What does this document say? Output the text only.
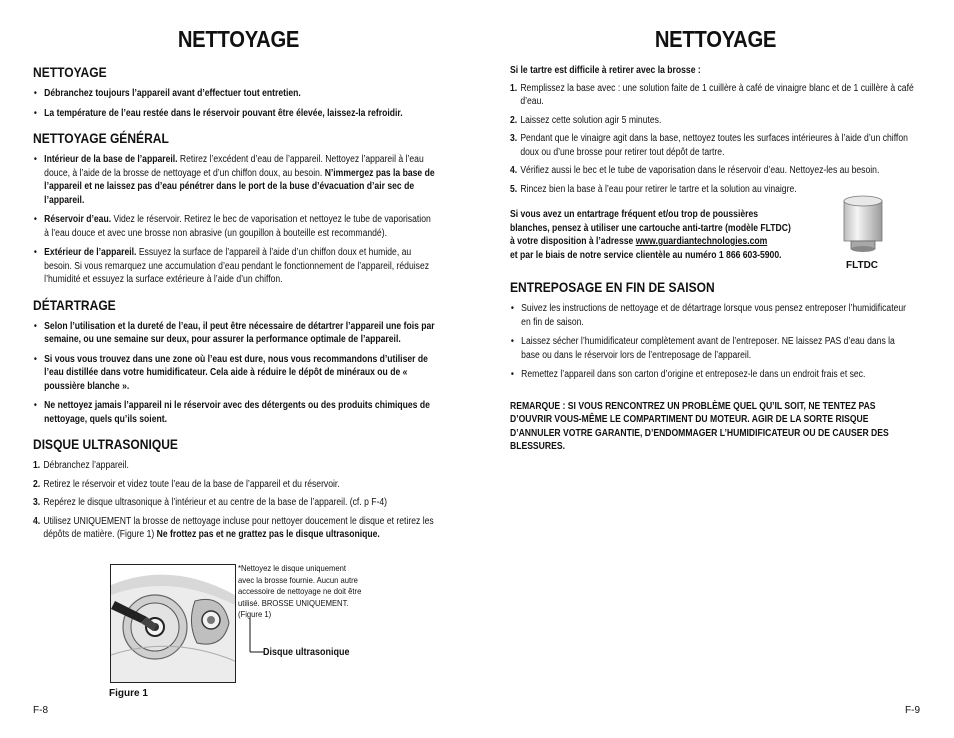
NETTOYAGE
NETTOYAGE
• Débranchez toujours l’appareil avant d’effectuer tout entretien.
• La température de l’eau restée dans le réservoir pouvant être élevée, laissez-la refroidir.
NETTOYAGE GÉNÉRAL
• Intérieur de la base de l’appareil. Retirez l’excédent d’eau de l’appareil. Nettoyez l’appareil à l’eau douce, à l’aide de la brosse de nettoyage et d’un chiffon doux, au besoin. N’immergez pas la base de l’appareil et ne laissez pas d’eau pénétrer dans le port de la buse d’évacuation d’air sec de l’appareil.
• Réservoir d’eau. Videz le réservoir. Retirez le bec de vaporisation et nettoyez le tube de vaporisation à l’eau douce et avec une brosse non abrasive (un goupillon à bouteille est recommandé).
• Extérieur de l’appareil. Essuyez la surface de l’appareil à l’aide d’un chiffon doux et humide, au besoin. Si vous remarquez une accumulation d’eau pendant le fonctionnement de l’appareil, réduisez l’humidité et essuyez la surface extérieure à l’aide d’un chiffon.
DÉTARTRAGE
• Selon l’utilisation et la dureté de l’eau, il peut être nécessaire de détartrer l’appareil une fois par semaine, ou une semaine sur deux, pour assurer la performance optimale de l’appareil.
• Si vous vous trouvez dans une zone où l’eau est dure, nous vous recommandons d’utiliser de l’eau distillée dans votre humidificateur. Cela aide à réduire le dépôt de minéraux ou de « poussière blanche ».
• Ne nettoyez jamais l’appareil ni le réservoir avec des détergents ou des produits chimiques de nettoyage, quels qu’ils soient.
DISQUE ULTRASONIQUE
1. Débranchez l’appareil.
2. Retirez le réservoir et videz toute l’eau de la base de l’appareil et du réservoir.
3. Repérez le disque ultrasonique à l’intérieur et au centre de la base de l’appareil. (cf. p F-4)
4. Utilisez UNIQUEMENT la brosse de nettoyage incluse pour nettoyer doucement le disque et retirez les dépôts de matière. (Figure 1) Ne frottez pas et ne grattez pas le disque ultrasonique.
F-8
*Nettoyez le disque uniquement avec la brosse fournie. Aucun autre accessoire de nettoyage ne doit être utilisé. BROSSE UNIQUEMENT. (Figure 1)
Disque ultrasonique
Figure 1
NETTOYAGE
Si le tartre est difficile à retirer avec la brosse :
1. Remplissez la base avec : une solution faite de 1 cuillère à café de vinaigre blanc et de 1 cuillère à café d’eau.
2. Laissez cette solution agir 5 minutes.
3. Pendant que le vinaigre agit dans la base, nettoyez toutes les surfaces intérieures à l’aide d’un chiffon doux ou d’une brosse pour retirer tout dépôt de tartre.
4. Vérifiez aussi le bec et le tube de vaporisation dans le réservoir d’eau. Nettoyez-les au besoin.
5. Rincez bien la base à l’eau pour retirer le tartre et la solution au vinaigre.
Si vous avez un entartrage fréquent et/ou trop de poussières
blanches, pensez à utiliser une cartouche anti-tartre (modèle FLTDC)
à votre disposition à l’adresse www.guardiantechnologies.com
et par le biais de notre service clientèle au numéro 1 866 603-5900.
ENTREPOSAGE EN FIN DE SAISON
• Suivez les instructions de nettoyage et de détartrage lorsque vous pensez entreposer l’humidificateur en fin de saison.
• Laissez sécher l’humidificateur complètement avant de l’entreposer. NE laissez PAS d’eau dans la base ou dans le réservoir lors de l’entreposage de l’appareil.
• Remettez l’appareil dans son carton d’origine et entreposez-le dans un endroit frais et sec.
REMARQUE : SI VOUS RENCONTREZ UN PROBLÈME QUEL QU’IL SOIT, NE TENTEZ PAS D’OUVRIR VOUS-MÊME LE COMPARTIMENT DU MOTEUR. AGIR DE LA SORTE RISQUE D’ANNULER VOTRE GARANTIE, D’ENDOMMAGER L’HUMIDIFICATEUR OU DE CAUSER DES BLESSURES.
F-9
FLTDC
